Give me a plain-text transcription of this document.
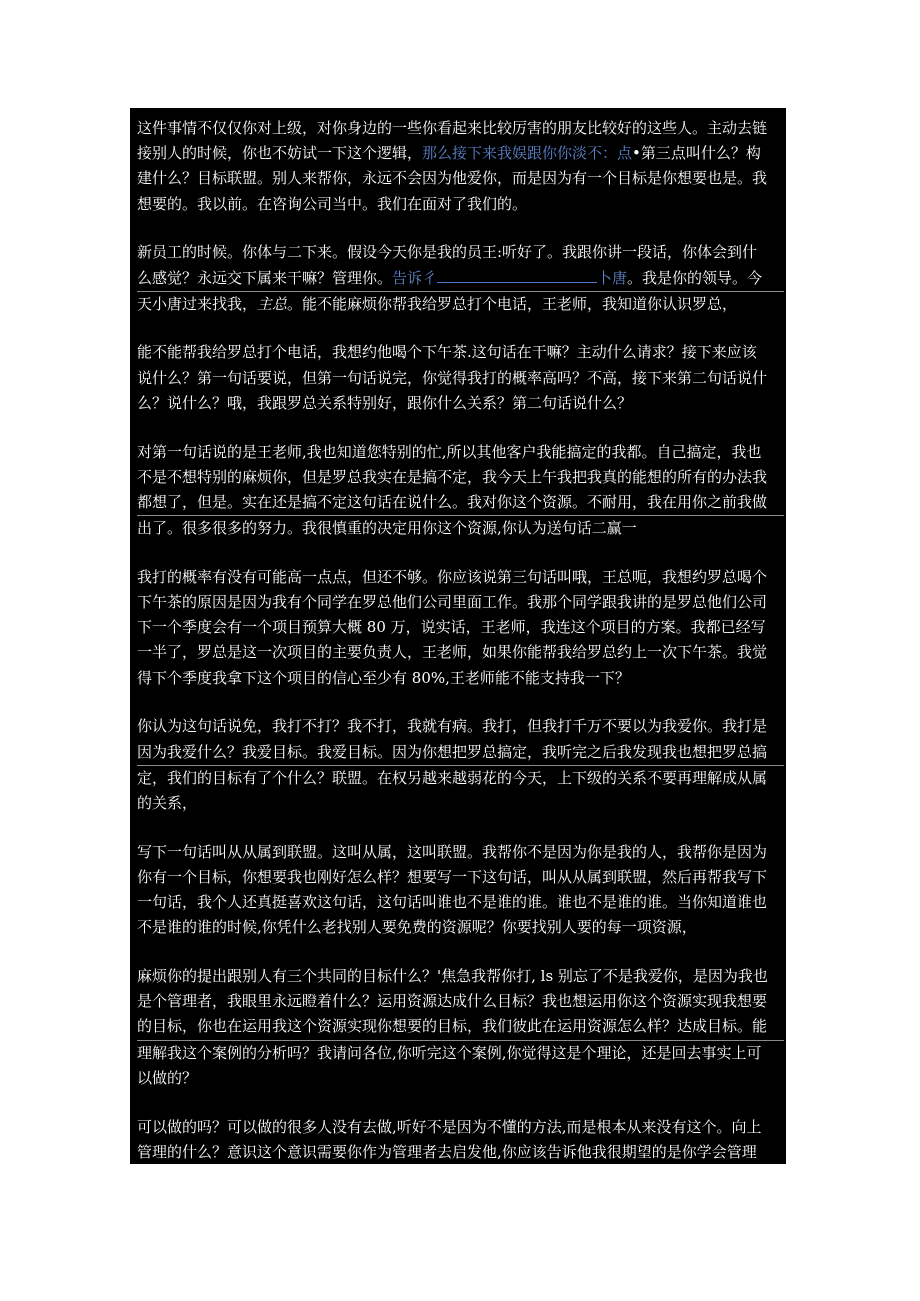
这件事情不仅仅你对上级，对你身边的一些你看起来比较厉害的朋友比较好的这些人。主动去链
接别人的时候，你也不妨试一下这个逻辑，那么接下来我娱跟你你淡不：点•第三点叫什么？构
建什么？目标联盟。别人来帮你，永远不会因为他爱你，而是因为有一个目标是你想要也是。我
想要的。我以前。在咨询公司当中。我们在面对了我们的。
新员工的时候。你体与二下来。假设今天你是我的员王:听好了。我跟你讲一段话，你体会到什
么感觉？永远交下属来干嘛？管理你。告诉彳	卜唐。我是你的领导。今
天小唐过来找我，主总。能不能麻烦你帮我给罗总打个电话，王老师，我知道你认识罗总，
能不能帮我给罗总打个电话，我想约他喝个下午茶.这句话在干嘛？主动什么请求？接下来应该
说什么？第一句话要说，但第一句话说完，你觉得我打的概率高吗？不高，接下来第二句话说什
么？说什么？哦，我跟罗总关系特别好，跟你什么关系？第二句话说什么？
对第一句话说的是王老师,我也知道您特别的忙,所以其他客户我能搞定的我都。自己搞定，我也
不是不想特别的麻烦你，但是罗总我实在是搞不定，我今天上午我把我真的能想的所有的办法我
都想了，但是。实在还是搞不定这句话在说什么。我对你这个资源。不耐用，我在用你之前我做
出了。很多很多的努力。我很慎重的决定用你这个资源,你认为送句话二赢一
我打的概率有没有可能高一点点，但还不够。你应该说第三句话叫哦，王总呃，我想约罗总喝个
下午茶的原因是因为我有个同学在罗总他们公司里面工作。我那个同学跟我讲的是罗总他们公司
下一个季度会有一个项目预算大概 80 万，说实话，王老师，我连这个项目的方案。我都已经写
一半了，罗总是这一次项目的主要负责人，王老师，如果你能帮我给罗总约上一次下午茶。我觉
得下个季度我拿下这个项目的信心至少有 80%,王老师能不能支持我一下？
你认为这句话说免，我打不打？我不打，我就有病。我打，但我打千万不要以为我爱你。我打是
因为我爱什么？我爱目标。我爱目标。因为你想把罗总搞定，我听完之后我发现我也想把罗总搞
定，我们的目标有了个什么？联盟。在权另越来越弱花的今天，上下级的关系不要再理解成从属
的关系，
写下一句话叫从从属到联盟。这叫从属，这叫联盟。我帮你不是因为你是我的人，我帮你是因为
你有一个目标，你想要我也刚好怎么样？想要写一下这句话，叫从从属到联盟，然后再帮我写下
一句话，我个人还真挺喜欢这句话，这句话叫谁也不是谁的谁。谁也不是谁的谁。当你知道谁也
不是谁的谁的时候,你凭什么老找别人要免费的资源呢？你要找别人要的每一项资源，
麻烦你的提出跟别人有三个共同的目标什么？'焦急我帮你打, ls 别忘了不是我爱你，是因为我也
是个管理者，我眼里永远瞪着什么？运用资源达成什么目标？我也想运用你这个资源实现我想要
的目标，你也在运用我这个资源实现你想要的目标，我们彼此在运用资源怎么样？达成目标。能
理解我这个案例的分析吗？我请问各位,你听完这个案例,你觉得这是个理论，还是回去事实上可
以做的？
可以做的吗？可以做的很多人没有去做,听好不是因为不懂的方法,而是根本从来没有这个。向上
管理的什么？意识这个意识需要你作为管理者去启发他,你应该告诉他我很期望的是你学会管理
我。一旦他要来管理你之前，他就得先把什么想清楚。得先把第三步目标想清楚。没错吧。如果
你的团队所有人都能把目标想清楚，你发现这个团队执行力，效率，效能，状态就会怎么样？就
会很好，大家就不是为职责负责•，而是为。为价值负责，这不是为职责，而是为价值。所以这
